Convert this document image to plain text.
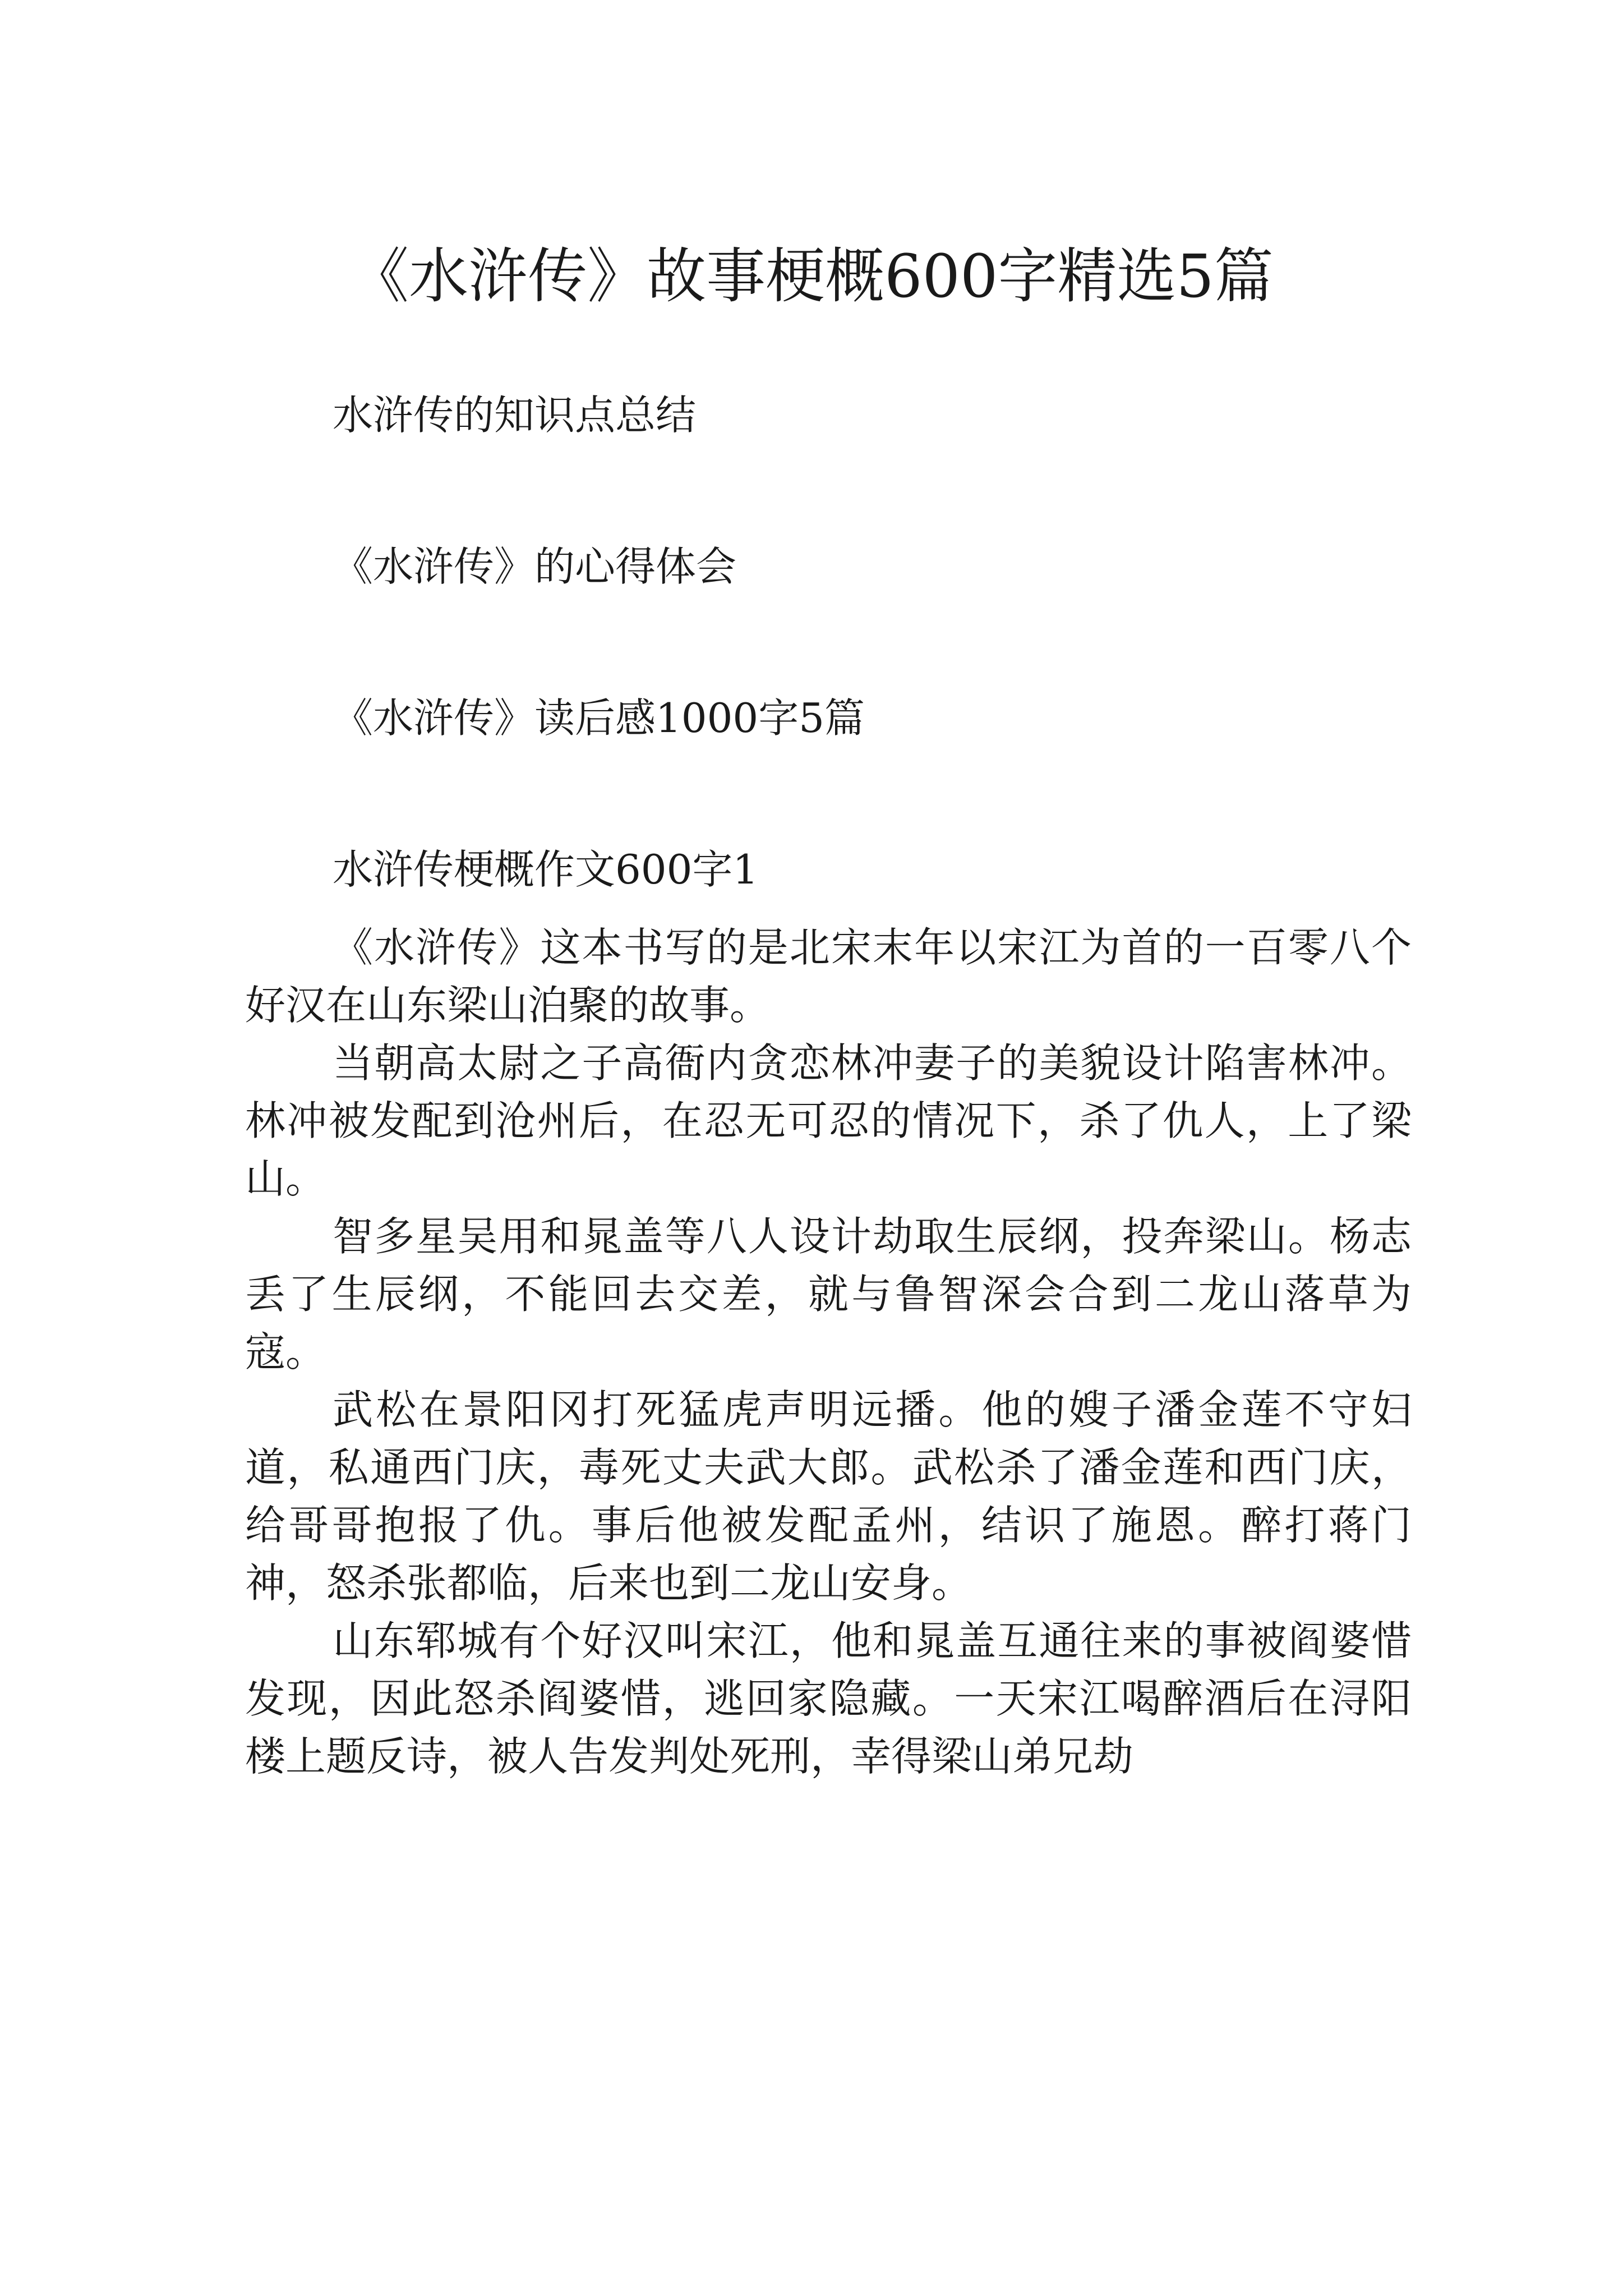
《水浒传》故事梗概600字精选5篇
水浒传的知识点总结
《水浒传》的心得体会
《水浒传》读后感1000字5篇
水浒传梗概作文600字1

《水浒传》这本书写的是北宋末年以宋江为首的一百零八个好汉在山东梁山泊聚的故事。

当朝高太尉之子高衙内贪恋林冲妻子的美貌设计陷害林冲。林冲被发配到沧州后，在忍无可忍的情况下，杀了仇人，上了梁山。

智多星吴用和晁盖等八人设计劫取生辰纲，投奔梁山。杨志丢了生辰纲，不能回去交差，就与鲁智深会合到二龙山落草为寇。

武松在景阳冈打死猛虎声明远播。他的嫂子潘金莲不守妇道，私通西门庆，毒死丈夫武大郎。武松杀了潘金莲和西门庆，给哥哥抱报了仇。事后他被发配孟州，结识了施恩。醉打蒋门神，怒杀张都临，后来也到二龙山安身。

山东郓城有个好汉叫宋江，他和晁盖互通往来的事被阎婆惜发现，因此怒杀阎婆惜，逃回家隐藏。一天宋江喝醉酒后在浔阳楼上题反诗，被人告发判处死刑，幸得梁山弟兄劫
